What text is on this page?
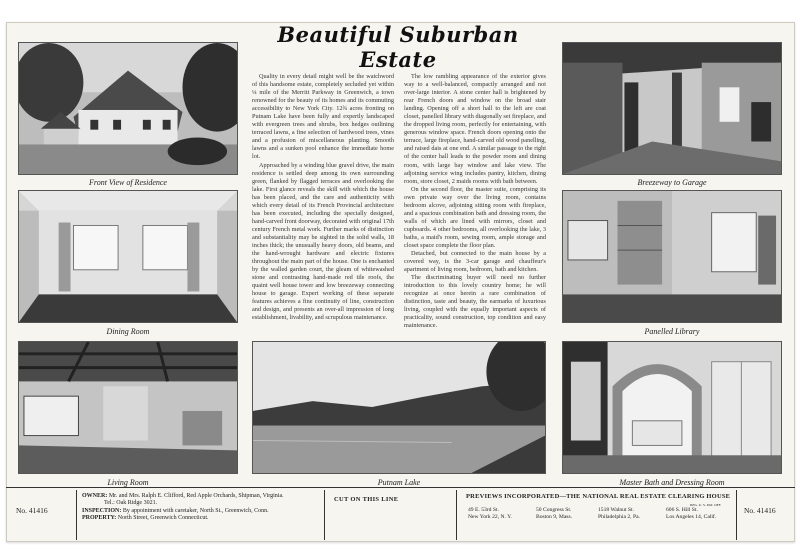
Front View of Residence	Breezeway to Garage
Dining Room	Panelled Library
Living Room	Putnam Lake	Master Bath and Dressing Room
Beautiful Suburban Estate

Quality in every detail might well be the watchword of this handsome estate, completely secluded yet within ¼ mile of the Merritt Parkway in Greenwich, a town renowned for the beauty of its homes and its commuting accessibility to New York City. 12¾ acres fronting on Putnam Lake have been fully and expertly landscaped with evergreen trees and shrubs, box hedges outlining terraced lawns, a fine selection of hardwood trees, vines and a profusion of miscellaneous planting. Smooth lawns and a sunken pool enhance the immediate home lot.

Approached by a winding blue gravel drive, the main residence is settled deep among its own surrounding green, flanked by flagged terraces and overlooking the lake. First glance reveals the skill with which the house has been placed, and the care and authenticity with which every detail of its French Provincial architecture has been executed, including the specially designed, hand-carved front doorway, decorated with original 17th century French metal work. Further marks of distinction and substantiality may be sighted in the solid walls, 18 inches thick; the unusually heavy doors, old beams, and the hand-wrought hardware and electric fixtures throughout the main part of the house. One is enchanted by the walled garden court, the gleam of whitewashed stone and contrasting hand-made red tile roofs, the quaint well house tower and low breezeway connecting house to garage. Expert working of these separate features achieves a fine continuity of line, construction and design, and presents an over-all impression of long establishment, livability, and scrupulous maintenance.

The low rambling appearance of the exterior gives way to a well-balanced, compactly arranged and not over-large interior. A stone center hall is brightened by rear French doors and window on the broad stair landing. Opening off a short hall to the left are coat closet, panelled library with diagonally set fireplace, and the dropped living room, perfectly for entertaining, with generous window space. French doors opening onto the terrace, large fireplace, hand-carved old wood panelling, and raised dais at one end. A similar passage to the right of the center hall leads to the powder room and dining room, with large bay window and lake view. The adjoining service wing includes pantry, kitchen, dining room, store closet, 2 maids rooms with bath between.

On the second floor, the master suite, comprising its own private way over the living room, contains bedroom alcove, adjoining sitting room with fireplace, and a spacious combination bath and dressing room, the walls of which are lined with mirrors, closet and cupboards. 4 other bedrooms, all overlooking the lake, 3 baths, a maid's room, sewing room, ample storage and closet space complete the floor plan.

Detached, but connected to the main house by a covered way, is the 3-car garage and chauffeur's apartment of living room, bedroom, bath and kitchen.

The discriminating buyer will need no further introduction to this lovely country home; he will recognize at once herein a rare combination of distinction, taste and beauty, the earmarks of luxurious living, coupled with the equally important aspects of practicality, sound construction, top condition and easy maintenance.

No. 41416
OWNER: Mr. and Mrs. Ralph E. Clifford, Red Apple Orchards, Shipman, Virginia.
Tel.: Oak Ridge 3021.
INSPECTION: By appointment with caretaker, North St., Greenwich, Conn.
PROPERTY: North Street, Greenwich Connecticut.
CUT ON THIS LINE	PREVIEWS INCORPORATED—THE NATIONAL REAL ESTATE CLEARING HOUSE
REG. U. S. PAT. OFF.
49 E. 53rd St.
New York 22, N. Y.
50 Congress St.
Boston 9, Mass.
1518 Walnut St.
Philadelphia 2, Pa.
606 S. Hill St.
Los Angeles 14, Calif.
No. 41416
